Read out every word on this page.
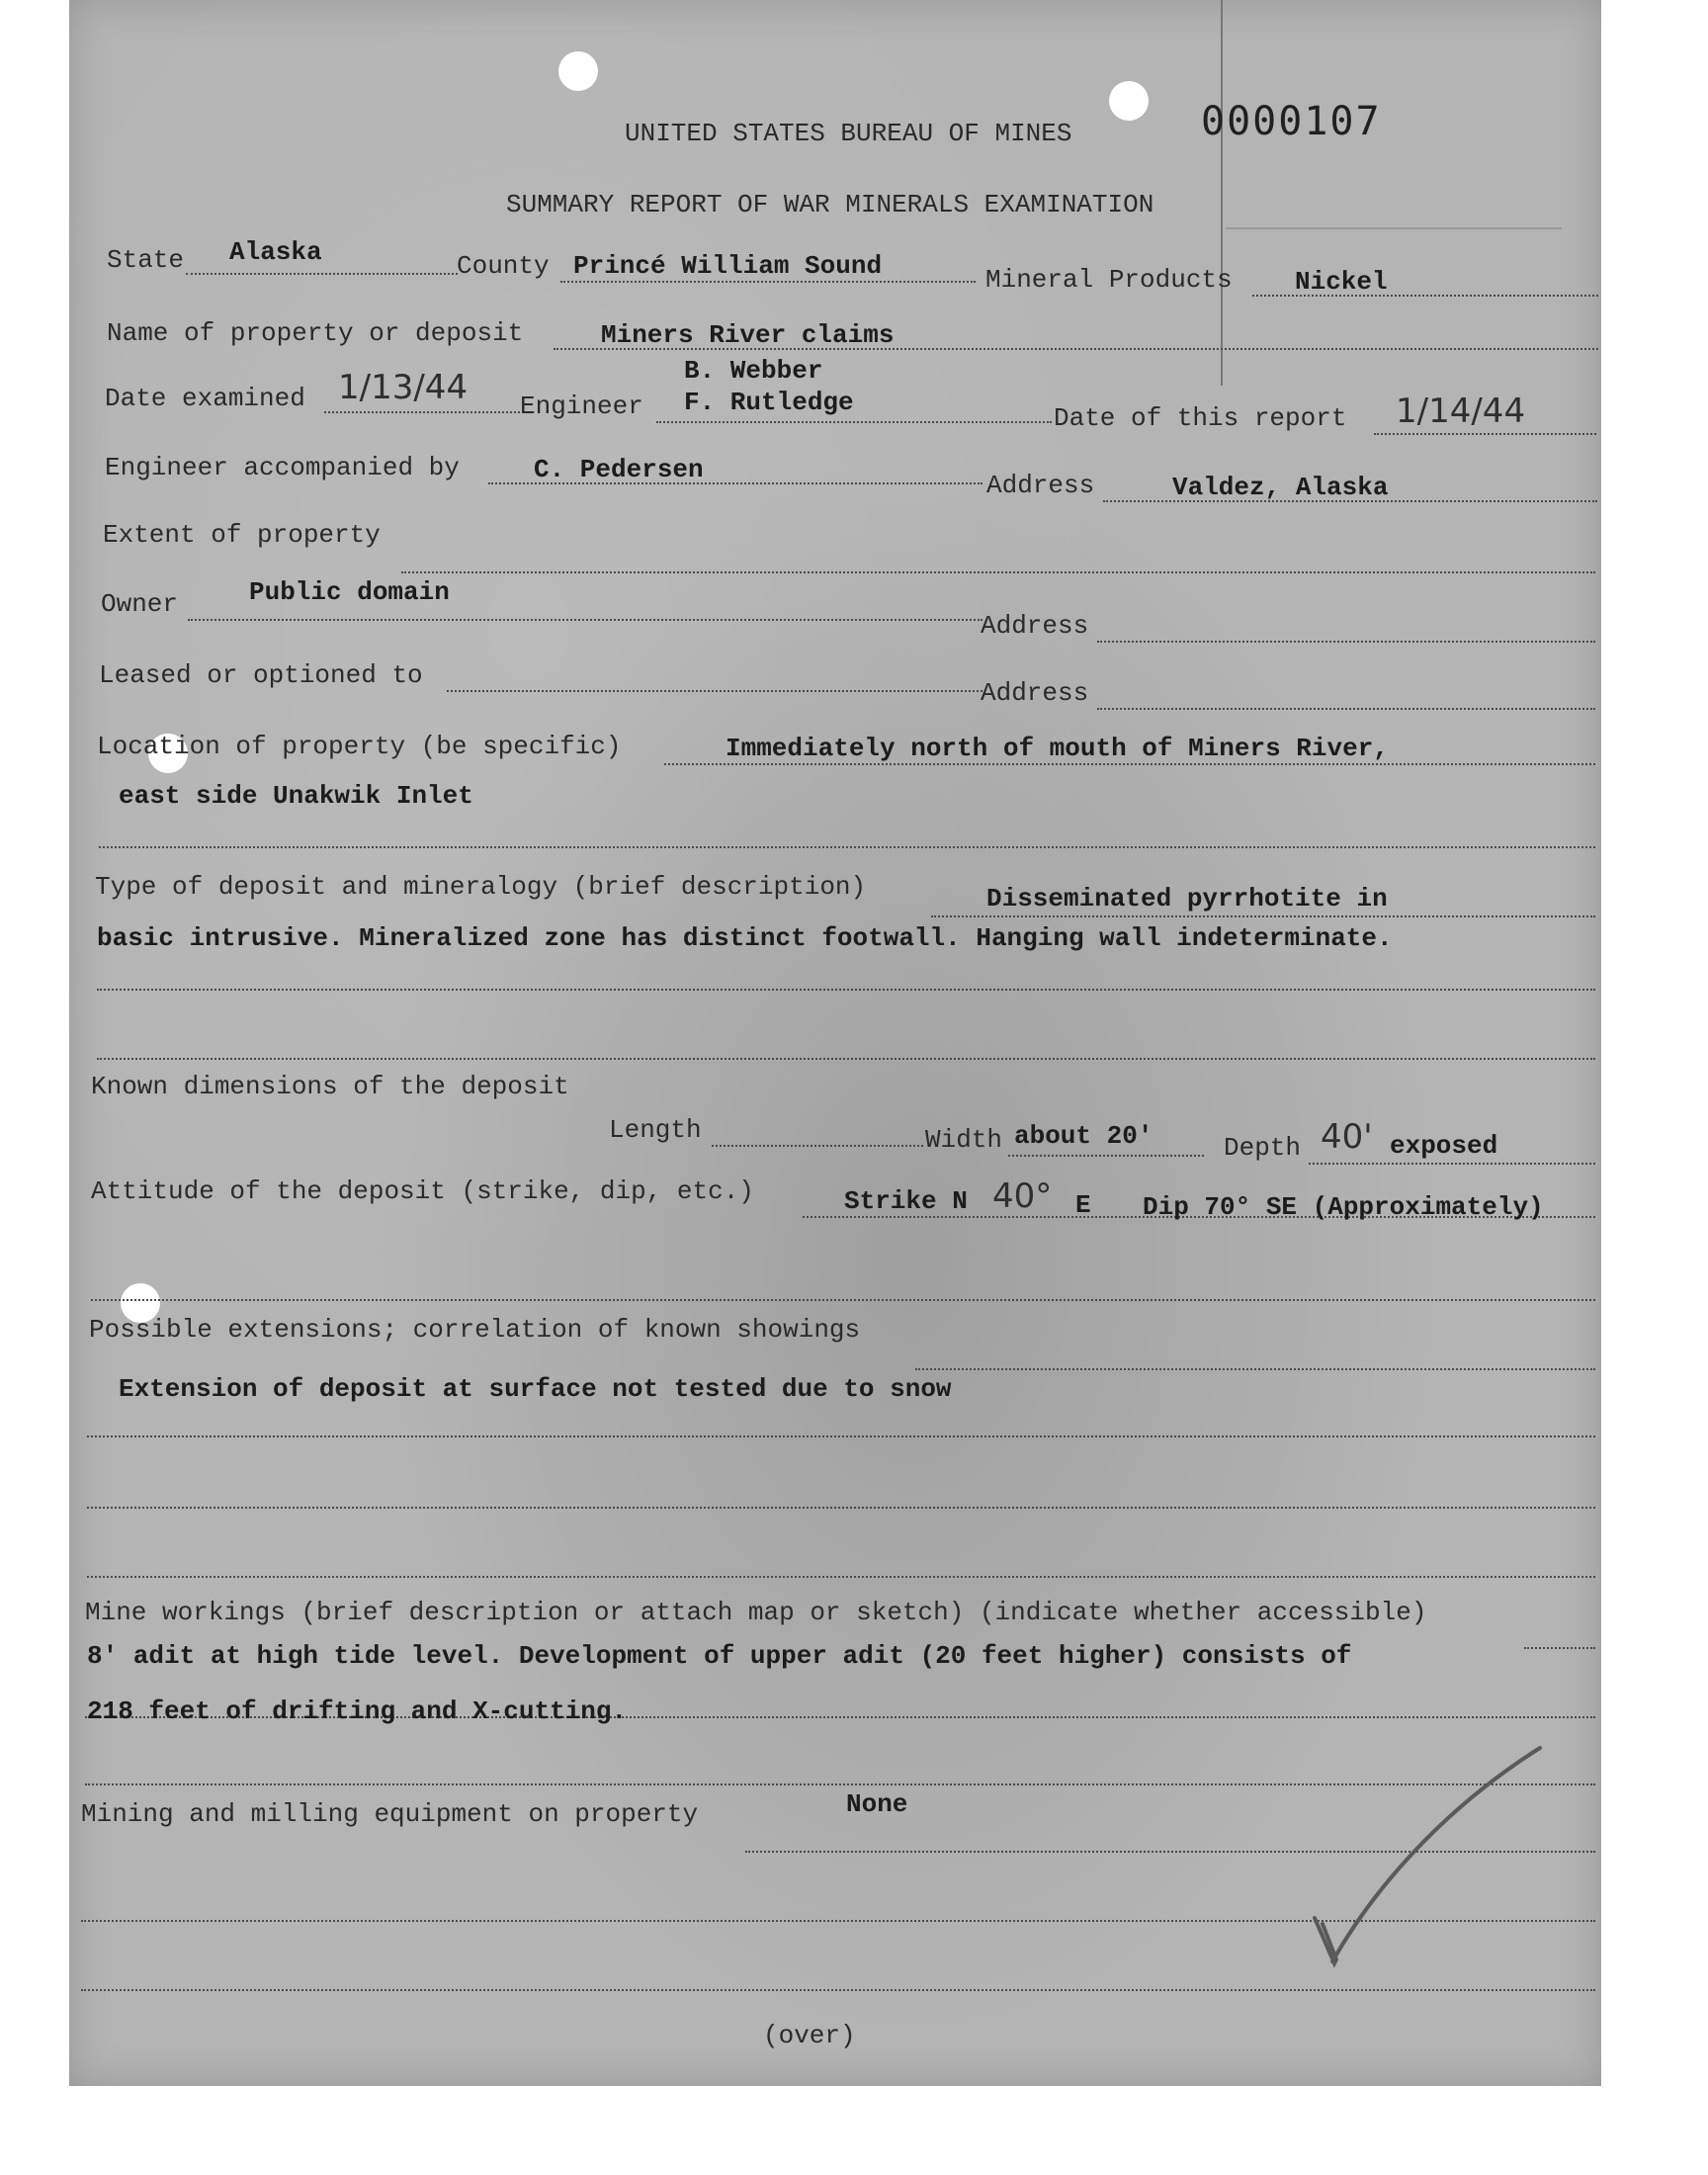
0000107
UNITED STATES BUREAU OF MINES
SUMMARY REPORT OF WAR MINERALS EXAMINATION
State Alaska	County Princé William Sound	Mineral Products Nickel
Name of property or deposit	Miners River claims
Date examined 1/13/44 Engineer
B. Webber
F. Rutledge
Date of this report 1/14/44
Engineer accompanied by	C. Pedersen
Address	Valdez, Alaska
Extent of property
Owner	Public domain
Address
Leased or optioned to
Address
Location of property (be specific)	Immediately north of mouth of Miners River,
east side Unakwik Inlet
Type of deposit and mineralogy (brief description)	Disseminated pyrrhotite in
basic intrusive. Mineralized zone has distinct footwall. Hanging wall indeterminate.
Known dimensions of the deposit
Length	Width about 20'	Depth 40' exposed
Attitude of the deposit (strike, dip, etc.)	Strike N 40° E Dip 70° SE (Approximately)
Possible extensions; correlation of known showings
Extension of deposit at surface not tested due to snow
Mine workings (brief description or attach map or sketch) (indicate whether accessible)
8' adit at high tide level. Development of upper adit (20 feet higher) consists of
218 feet of drifting and X-cutting.
Mining and milling equipment on property	None
(over)
